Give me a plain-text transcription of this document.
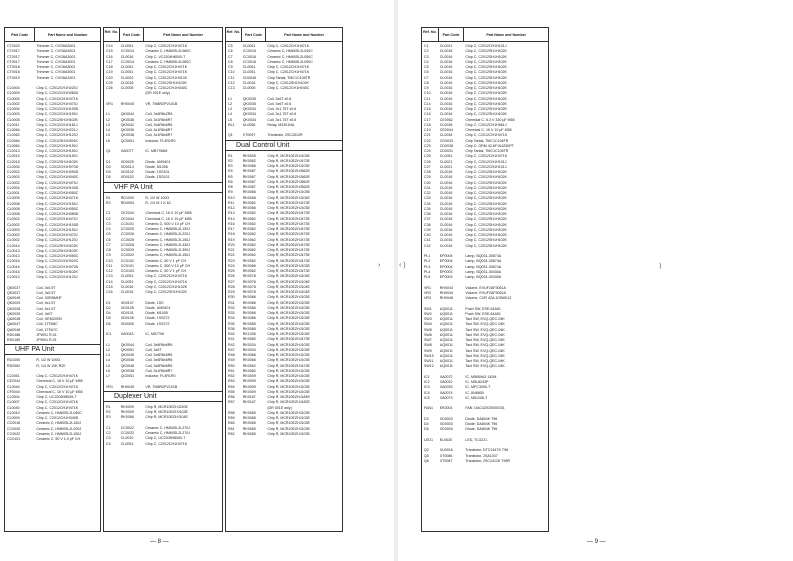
Part Code	Part Name and Number
CT0020	Trimmer C, CVG6A3001
CT0017	Trimmer C, CVG6A3001
CT0017	Trimmer C, CVG6A3001
CT0017	Trimmer C, CVG6A3001
CT0018	Trimmer C, CVG6A3001
CT0016	Trimmer C, CVG6A3001
CT0019	Trimmer C, CVG6A1001
CL0004	Chip C, C2012CH1H220J
CL0009	Chip C, C2012CH1H080D
CL0004	Chip C, C2012CH1H471K
CL0002	Chip C, C2012CH1H470J
CL0004	Chip C, C2012CH1H100D
CL0003	Chip C, C2012CH1H150J
CL0005	Chip C, C2012SH1H102K
CL0011	Chip C, C2012CH1H181J
CL0064	Chip C, C2012CH1H221J
CL0063	Chip C, C2012CH1H120J
CL0064	Chip C, C2012SH1H391K
CL0064	Chip C, C2012CH1H150J
CL0013	Chip C, C2012CH1H150J
CL0015	Chip C, C2012CH1H150J
CL0015	Chip C, C2012SH1H102K
CL0004	Chip C, C2012CH1H070D
CL0002	Chip C, C2012CH1H090D
CL0003	Chip C, C2012CH1H040C
CL0002	Chip C, C2012CH1H470J
CL0004	Chip C, C2012CH1H100D
CL0001	Chip C, C2012CH1H050C
CL0009	Chip C, C2012CH1H471K
CL0008	Chip C, C2012CH1H150J
CL0008	Chip C, C2012CH1H050C
CL0008	Chip C, C2012CH1H080D
CL0002	Chip C, C2012CH1H470J
CL0002	Chip C, C2012CH1H100D
CL0003	Chip C, C2012CH1H150J
CL0002	Chip C, C2012CH1H470J
CL0002	Chip C, C2012CH1H120J
CL0014	Chip C, C2012SH1H102K
CL0013	Chip C, C2012SH1H102K
CL0013	Chip C, C2012CH1H050C
CL0016	Chip C, C2012CH1H020C
CL0016	Chip C, C2012CH1H070D
CL0016	Chip C, C2012SH1H102K
CL0013	Chip C, C2012CH1H120J
QK0037	Coil, 3x0.5T
QK0037	Coil, 3x0.5T
QA0045	Coil, 3GR6MHF
QK0029	Coil, 5x1.5T
QK0028	Coil, 5x1.5T
QK0025	Coil, 3x0T
QA0048	Coil, GEM2GR2
QA0047	Coil, 1TFA8C
QA0046	Coil, 1TFA7C
RD0168	JPW01 R-01
RD0169	JPW01 R-01
UHF PA Unit
RD1000	R, 1/2 W 100Ω
RD0052	R, 1/4 W 10K R20
CL0051	Chip C, C2012CH1H471K
CE2044	Chemical C, 16 V 10 µF M55
CL0044	Chip C, C2012CH1H471K
CF0044	Chemical C, 16 V 10 µF M55
CL0004	Chip C, UC2205H8009-T
CL0007	Chip C, C2012CH1H471K
CL0040	Chip C, C2012CH1H471K
CL0010	Ceramic C, HM60SL2L040C
CL0009	Chip C, C2012CH1H040D
CC0016	Ceramic C, HM60SL2L150J
CC0020	Ceramic C, HM60SL2L200J
CC0022	Ceramic C, HM60SL2L150J
CC0101	Ceramic C, 50 V 1.0 pF CH
Ref. No.
Part Code	Part Name and Number
C14	CL0051	Chip C, C2012CH1H471K
C15	CC0014	Ceramic C, HM60SL2L060C
C16	CL0016	Chip C, VC1204H8000-T
C17	CC0014	Ceramic C, HM60SL2L060C
C18	CL0051	Chip C, C2012CH1H471K
C19	CL0051	Chip C, C2012CH1H471K
C20	CL0002	Chip C, C2012CH1H010C
C25	CL0016	Chip C, C2012SH1H102K
C26	CL0005	Chip C, C2012CH1H040C
(DR 001E only)
VR1	RH0045	VR, TM8R2PV101B
L1	QK0044	Coil, 3x6R8x2R6
L2	QK0036	Coil, 3x1R8x6R7
L3	QK0042	Coil, 3x6R8x6R6
L4	QK0036	Coil, 3x1R8x6R7
L5	QK0038	Coil, 3x1R8x6R7
L6	QC0051	Inductor, FL4R1R0
Q1	XA0077	IC, MB7766M
D1	XD0029	Diode, UM9401
D3	XD0014	Diode, M1006
D4	XD0102	Diode, 1SS101
D5	XD0102	Diode, 1SS101
VHF PA Unit
R1	RD1000	R, 1/2 W 100Ω
R2	RD0054	R, 1/4 W 1 K 62
C1	CE2044	Chemical C, 16 V 10 µF M55
C2	CE2044	Chemical C, 16 V 10 µF M55
C3	CC0101	Ceramic C, 500 V 10 pF CH
C4	CC0025	Ceramic C, HM60SL2L150J
C5	CC0026	Ceramic C, HM60SL2L220J
C6	CC0025	Ceramic C, HM60SL2L150J
C7	CC0028	Ceramic C, HM60SL2L330J
C8	CC0029	Ceramic C, HM60SL2L390J
C9	CC0022	Ceramic C, HM60SL2L150J
C10	CC0102	Ceramic C, 50 V 1 pF CH
C11	CC0101	Ceramic C, 500 V 10 pF CH
C12	CC0103	Ceramic C, 50 V 1 pF CH
C13	CL0051	Chip C, C2012CH1H471K
C14	CL0051	Chip C, C2012CH1H471K
C15	CL0016	Chip C, C2012CH1H102K
C16	CL0016	Chip C, C2012SH1H102K
D1	XD0107	Diode, 1SS
D2	XD0105	Diode, UM9401
D4	XD0101	Diode, M1005
D5	XD0106	Diode, 1SS272
D6	XD0005	Diode, 1SS272
IC1	XA0043	IC, M57706
L1	QK0044	Coil, 3x6R8x6R6
L2	QK0051	Coil, 3x6T
L3	QK0045	Coil, 3x6R8x6R6
L4	QK0046	Coil, 3x6R8x6R6
L5	QK0046	Coil, 3x6R8x6R6
L6	QK0038	Coil, 3x1R8x6R7
L7	QC0051	Inductor, FL4R1R0
VR1	RH0045	VR, TM8R2PV101B
Duplexer Unit
R1	RK0009	Chip R, MCR10EZHJ220E
R2	RK0009	Chip R, MCR10EZHJ103E
R3	RK0068	Chip R, MCR10EZHJ104E
C1	CC0022	Ceramic C, HM60SL2L270J
C2	CC0022	Ceramic C, HM60SL2L270J
C3	CL0010	Chip C, UC2205H8000-T
C4	CL0051	Chip C, C2012CH1H471K
Ref. No.
Part Code	Part Name and Number
C5	CL0051	Chip C, C2012CH1H471K
C6	CC0016	Ceramic C, HM60SL2L040C
C7	CC0016	Ceramic C, HM60SL2L050C
C8	CC0016	Ceramic C, HM60SL2L050C
C9	CL0051	Chip C, C2012CH1H471K
C10	CL0051	Chip C, C2012CH1H471K
C11	CD0045	Chip Tantal, TMC1C105TR
C12	CL0016	Chip C, C2012SH1H102K
C13	CL0005	Chip C, C2012CH1H040C
L1	QK0035	Coil, 3x6T x0.6
L2	QK0035	Coil, 3x6T x0.6
L3	QK0034	Coil, 3x1.75T x0.6
L4	QK0034	Coil, 3x1.75T x0.6
L5	QK0034	Coil, 3x1.75T x0.6
RL1	UL0056	Relay, M3301NA
Q1	XT0097	Transistor, 2SC2612R
Dual Control Unit
R1	RK0005	Chip R, MCR10EZHJ103E
R2	RK0062	Chip R, MCR10EZHJ473E
R3	RK0066	Chip R, MCR10EZHJ103E
R4	RK0067	Chip R, MCR10EZHJ562E
R5	RK0067	Chip R, MCR10EZHJ562E
R6	RK0067	Chip R, MCR10EZHJ562E
R8	RK0067	Chip R, MCR10EZHJ562E
R9	RK0066	Chip R, MCR10EZHJ103E
R10	RK0068	Chip R, MCR10EZHJ104E
R11	RK0062	Chip R, MCR10EZHJ473E
R12	RK0066	Chip R, MCR10EZHJ103E
R13	RK0062	Chip R, MCR10EZHJ473E
R14	RK0062	Chip R, MCR10EZHJ473E
R16	RK0062	Chip R, MCR10EZHJ473E
R17	RK0062	Chip R, MCR10EZHJ473E
R18	RK0062	Chip R, MCR10EZHJ473E
R19	RK0062	Chip R, MCR10EZHJ473E
R20	RK0062	Chip R, MCR10EZHJ473E
R21	RK0062	Chip R, MCR10EZHJ473E
R22	RK0062	Chip R, MCR10EZHJ473E
R23	RK0062	Chip R, MCR10EZHJ473E
R24	RK0066	Chip R, MCR10EZHJ103E
R25	RK0062	Chip R, MCR10EZHJ473E
R26	RK0078	Chip R, MCR10EZHJ104E
R27	RK0078	Chip R, MCR10EZHJ104E
R28	RK0078	Chip R, MCR10EZHJ104E
R29	RK0078	Chip R, MCR10EZHJ104E
R30	RK0066	Chip R, MCR10EZHJ103E
R31	RK0066	Chip R, MCR10EZHJ103E
R32	RK0066	Chip R, MCR10EZHJ103E
R33	RK0066	Chip R, MCR10EZHJ103E
R34	RK0066	Chip R, MCR10EZHJ103E
R35	RK0065	Chip R, MCR10EZHJ103E
R36	RK0065	Chip R, MCR10EZHJ103E
R40	RK1006	Chip R, MCR10EZHJ104E
R41	RK0060	Chip R, MCR10EZHJ473E
R42	RK0034	Chip R, MCR10EZHJ103E
R47	RK0034	Chip R, MCR10EZHJ103E
R48	RK0066	Chip R, MCR10EZHJ103E
R49	RK0065	Chip R, MCR10EZHJ103E
R50	RK0062	Chip R, MCR10EZHJ473E
R51	RK0082	Chip R, MCR10EZHJ103E
R52	RK0009	Chip R, MCR10EZHJ103E
R53	RK0009	Chip R, MCR10EZHJ103E
R54	RK0009	Chip R, MCR10EZHJ103E
R55	RK0009	Chip R, MCR10EZHJ103E
R56	RK0167	Chip R, MCR10EZHJ184E
R57	RK0167	Chip R, MCR10EZHJ182E
(DR 001E only)
R58	RK0065	Chip R, MCR10EZHJ103E
R59	RK0065	Chip R, MCR10EZHJ103E
R60	RK0065	Chip R, MCR10EZHJ103E
R61	RK0065	Chip R, MCR10EZHJ103E
R62	RK0065	Chip R, MCR10EZHJ103E
— 8 —
›	‹ )
Ref. No.
Part Code	Part Name and Number
C1	CL0021	Chip C, C2012CH1H101J
C2	CL0016	Chip C, C2012SH1H102K
C3	CL0016	Chip C, C2012SH1H102K
C4	CL0016	Chip C, C2012SH1H102K
C5	CL0016	Chip C, C2012SH1H102K
C6	CL0016	Chip C, C2012SH1H102K
C7	CL0016	Chip C, C2012SH1H102K
C8	CL0016	Chip C, C2012SH1H102K
C9	CL0016	Chip C, C2012SH1H102K
C10	CL0016	Chip C, C2012SH1H102K
C11	CL0016	Chip C, C2012SH1H102K
C14	CL0016	Chip C, C2012SH1H102K
C15	CL0016	Chip C, C2012SH1H102K
C16	CL0016	Chip C, C2012SH1H102K
C17	CE0062	Chemical C, 6.3 V 330 µF M55
C18	CL0026	Chip C, C2012CH1H561J
C19	CE0044	Chemical C, 16 V 10 µF M55
C21	CL0034	Chip C, C2012CH1H471K
C22	CD0033	Chip Tantal, TMC1C106TR
C23	CD0038	Chip C, GRM 42-6F104Z50PT
C24	CD0031	Chip Tantal, TMC1C106TR
C25	CL0051	Chip C, C2012CH1H471K
C26	CL0021	Chip C, C2012CH1H101J
C27	CL0021	Chip C, C2012CH1H101J
C28	CL0016	Chip C, C2012SH1H102K
C29	CL0016	Chip C, C2012SH1H102K
C30	CL0016	Chip C, C2012SH1H102K
C31	CL0016	Chip C, C2012SH1H102K
C32	CL0016	Chip C, C2012SH1H102K
C33	CL0016	Chip C, C2012SH1H102K
C34	CL0016	Chip C, C2012SH1H102K
C35	CL0016	Chip C, C2012SH1H102K
C36	CL0016	Chip C, C2012SH1H102K
C37	CL0016	Chip C, C2012SH1H102K
C38	CL0016	Chip C, C2012SH1H102K
C39	CL0016	Chip C, C2012SH1H102K
C40	CL0016	Chip C, C2012SH1H102K
C41	CL0016	Chip C, C2012SH1H102K
C42	CL0016	Chip C, C2012SH1H102K
PL1	EP0004	Lamp, BQ031-30674A
PL2	EP0004	Lamp, BQ031-30674A
PL3	EP0004	Lamp, BQ031-30674A
PL4	EP0003	Lamp, BQ031-30430A
PL5	EP0003	Lamp, BQ031-30430A
VR1	RH0044	Volume, EVUF2AF3061A
VR2	RH0044	Volume, EVUF2AF3061A
VR3	RH0046	Volume, CVR 42A-103WK12
SW1	UQ0011	Push SW, ESE-64A51
SW2	UQ0011	Push SW, ESE-64A51
SW3	UQ0011	Tact SW, EVQ-QEC-04K
SW4	UQ0011	Tact SW, EVQ-QEC-04K
SW5	UQ0011	Tact SW, EVQ-QEC-04K
SW6	UQ0011	Tact SW, EVQ-QEC-04K
SW7	UQ0011	Tact SW, EVQ-QEC-04K
SW8	UQ0011	Tact SW, EVQ-QEC-04K
SW9	UQ0011	Tact SW, EVQ-QEC-04K
SW10	UQ0011	Tact SW, EVQ-QEC-04K
SW11	UQ0011	Tact SW, EVQ-QEC-04K
SW12	UQ0011	Tact SW, EVQ-QEC-04K
IC1	XA0072	IC, M5659A3 142M
IC2	XA0022	IC, M5L8243P
IC3	XA0033	IC, MPC3000-T
IC4	XA0074	IC, AN6800
IC5	XA0073	IC, M51206-T
FAN1	EK0001	FAN, DAC42020000G01
D3	XD0003	Diode, DA804K T96
D4	XD0003	Diode, DA804K T96
D5	XD0003	Diode, DA804K T96
LED1	EL0030	LED, TLG221
Q2	XU0016	Transistor, DTC144TK T96
Q5	XT0086	Transistor, 2SA1037
Q6	XT0087	Transistor, 2SC2412K T96R
— 9 —
⟩
